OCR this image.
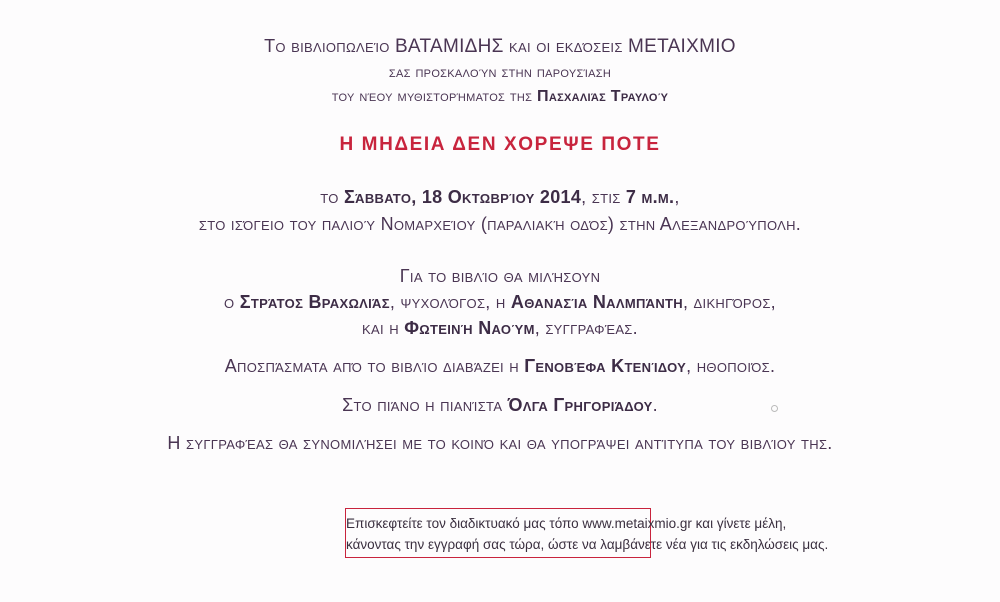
Το βιβλιοπωλείο ΒΑΤΑΜΙΔΗΣ και οι εκδόσεις ΜΕΤΑΙΧΜΙΟ
σας προσκαλούν στην παρουσίαση
του νέου μυθιστορήματος της Πασχαλιάς Τραυλού
Η ΜΗΔΕΙΑ ΔΕΝ ΧΟΡΕΨΕ ΠΟΤΕ
το Σάββατο, 18 Οκτωβρίου 2014, στις 7 μ.μ.,
στο ισόγειο του παλιού Νομαρχείου (παραλιακή οδός) στην Αλεξανδρούπολη.
Για το βιβλίο θα μιλήσουν
ο Στράτος Βραχωλιάς, ψυχολόγος, η Αθανασία Ναλμπάντη, δικηγόρος,
και η Φωτεινή Ναούμ, συγγραφέας.
Αποσπάσματα από το βιβλίο διαβάζει η Γενοβέφα Κτενίδου, ηθοποιός.
Στο πιάνο η πιανίστα Όλγα Γρηγοριάδου.
Η συγγραφέας θα συνομιλήσει με το κοινό και θα υπογράψει αντίτυπα του βιβλίου της.
Επισκεφτείτε τον διαδικτυακό μας τόπο www.metaixmio.gr και γίνετε μέλη,
κάνοντας την εγγραφή σας τώρα, ώστε να λαμβάνετε νέα για τις εκδηλώσεις μας.
